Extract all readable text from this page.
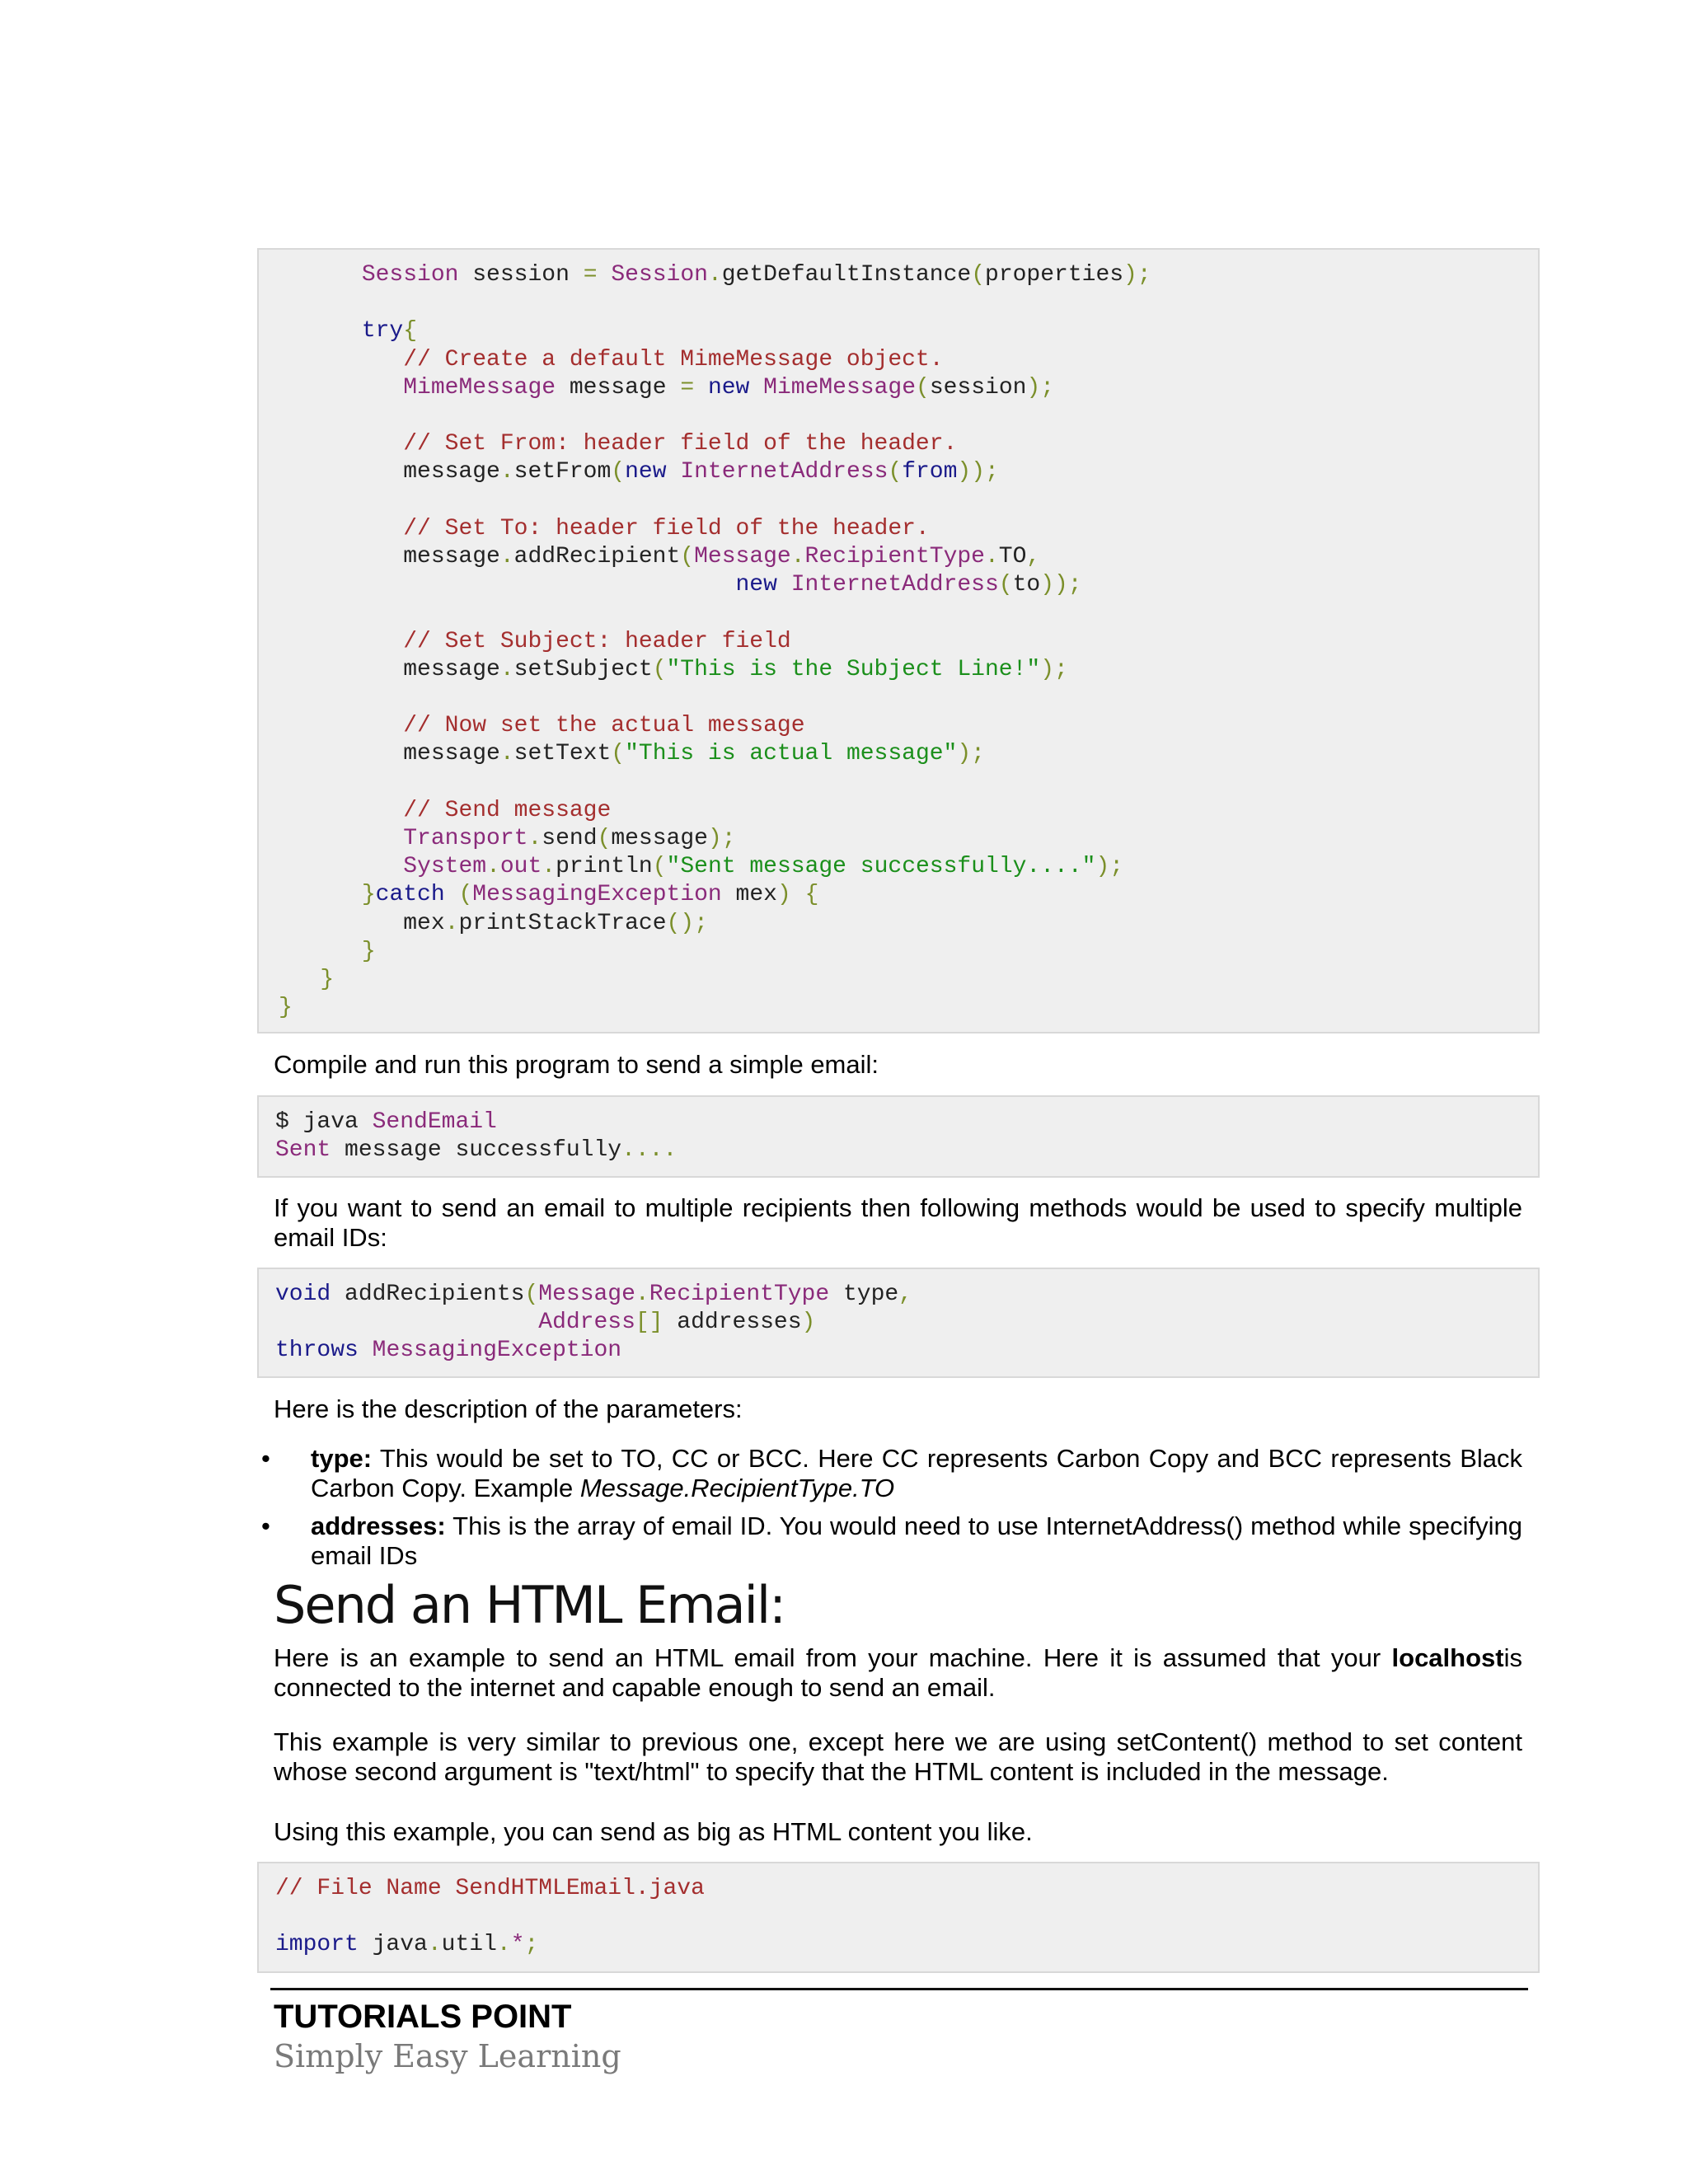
Session session = Session.getDefaultInstance(properties);

try{
// Create a default MimeMessage object.
MimeMessage message = new MimeMessage(session);

// Set From: header field of the header.
message.setFrom(new InternetAddress(from));

// Set To: header field of the header.
message.addRecipient(Message.RecipientType.TO,
new InternetAddress(to));

// Set Subject: header field
message.setSubject("This is the Subject Line!");

// Now set the actual message
message.setText("This is actual message");

// Send message
Transport.send(message);
System.out.println("Sent message successfully....");
}catch (MessagingException mex) {
mex.printStackTrace();
}
}
}
Compile and run this program to send a simple email:
$ java SendEmail
Sent message successfully....
If you want to send an email to multiple recipients then following methods would be used to specify multiple email IDs:
void addRecipients(Message.RecipientType type,
Address[] addresses)
throws MessagingException
Here is the description of the parameters:
• type: This would be set to TO, CC or BCC. Here CC represents Carbon Copy and BCC represents Black Carbon Copy. Example Message.RecipientType.TO
• addresses: This is the array of email ID. You would need to use InternetAddress() method while specifying email IDs
Send an HTML Email:
Here is an example to send an HTML email from your machine. Here it is assumed that your localhostis connected to the internet and capable enough to send an email.
This example is very similar to previous one, except here we are using setContent() method to set content whose second argument is "text/html" to specify that the HTML content is included in the message.
Using this example, you can send as big as HTML content you like.
// File Name SendHTMLEmail.java

import java.util.*;
TUTORIALS POINT
Simply Easy Learning
